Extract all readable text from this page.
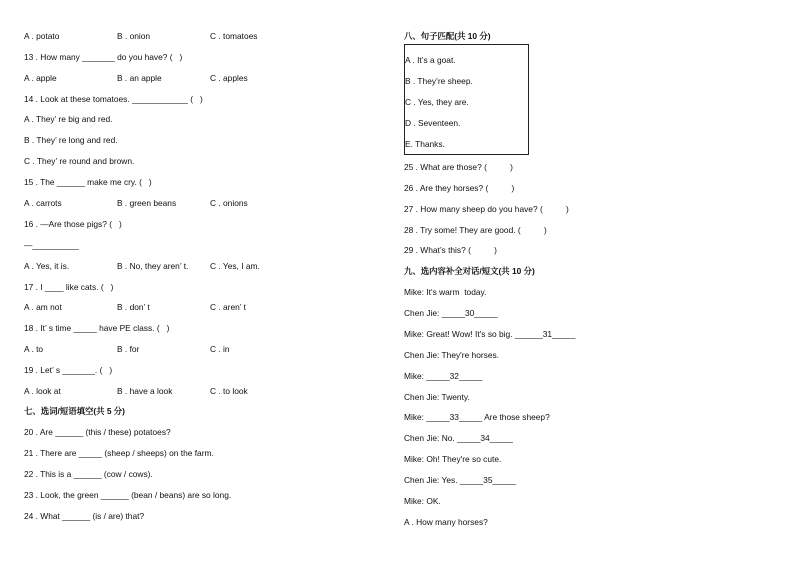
A . potato	B . onion	C . tomatoes
13 . How many _______ do you have? (   )
A . apple	B . an apple	C . apples
14 . Look at these tomatoes. ____________ (   )
A . They’ re big and red.
B . They’ re long and red.
C . They’ re round and brown.
15 . The ______ make me cry. (   )
A . carrots	B . green beans	C . onions
16 . —Are those pigs? (   )
—__________
A . Yes, it is.	B . No, they aren’ t.	C . Yes, I am.
17 . I ____ like cats. (   )
A . am not	B . don’ t	C . aren’ t
18 . It’ s time _____ have PE class. (   )
A . to	B . for	C . in
19 . Let’ s _______. (   )
A . look at	B . have a look	C . to look
七、选词/短语填空(共 5 分)
20 . Are ______ (this / these) potatoes?
21 . There are _____ (sheep / sheeps) on the farm.
22 . This is a ______ (cow / cows).
23 . Look, the green ______ (bean / beans) are so long.
24 . What ______ (is / are) that?
八、句子匹配(共 10 分)
A . It’s a goat.
B . They’re sheep.
C . Yes, they are.
D . Seventeen.
E. Thanks.
25 . What are those? (          )
26 . Are they horses? (          )
27 . How many sheep do you have? (          )
28 . Try some! They are good. (          )
29 . What’s this? (          )
九、选内容补全对话/短文(共 10 分)
Mike: It's warm  today.
Chen Jie: _____30_____
Mike: Great! Wow! It's so big. ______31_____
Chen Jie: They're horses.
Mike: _____32_____
Chen Jie: Twenty.
Mike: _____33_____ Are those sheep?
Chen Jie: No. _____34_____
Mike: Oh! They're so cute.
Chen Jie: Yes. _____35_____
Mike: OK.
A . How many horses?
